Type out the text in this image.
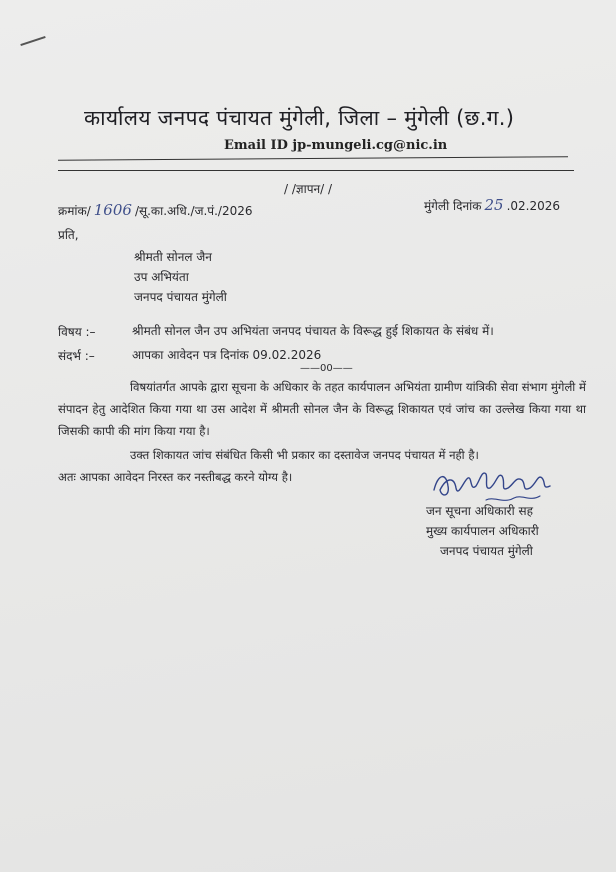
कार्यालय जनपद पंचायत मुंगेली, जिला – मुंगेली (छ.ग.)
Email ID jp-mungeli.cg@nic.in
/ /ज्ञापन/ /
क्रमांक/ 1606 /सू.का.अधि./ज.पं./2026	मुंगेली दिनांक 25 .02.2026
प्रति,
श्रीमती सोनल जैन
उप अभियंता
जनपद पंचायत मुंगेली
विषय :–	श्रीमती सोनल जैन उप अभियंता जनपद पंचायत के विरूद्ध हुई शिकायत के संबंध में।
संदर्भ :–	आपका आवेदन पत्र दिनांक 09.02.2026
——00——
विषयांतर्गत आपके द्वारा सूचना के अधिकार के तहत कार्यपालन अभियंता ग्रामीण यांत्रिकी सेवा संभाग मुंगेली में संपादन हेतु आदेशित किया गया था उस आदेश में श्रीमती सोनल जैन के विरूद्ध शिकायत एवं जांच का उल्लेख किया गया था जिसकी कापी की मांग किया गया है।
उक्त शिकायत जांच संबंधित किसी भी प्रकार का दस्तावेज जनपद पंचायत में नही है।
अतः आपका आवेदन निरस्त कर नस्तीबद्ध करने योग्य है।
जन सूचना अधिकारी सह
मुख्य कार्यपालन अधिकारी
जनपद पंचायत मुंगेली
